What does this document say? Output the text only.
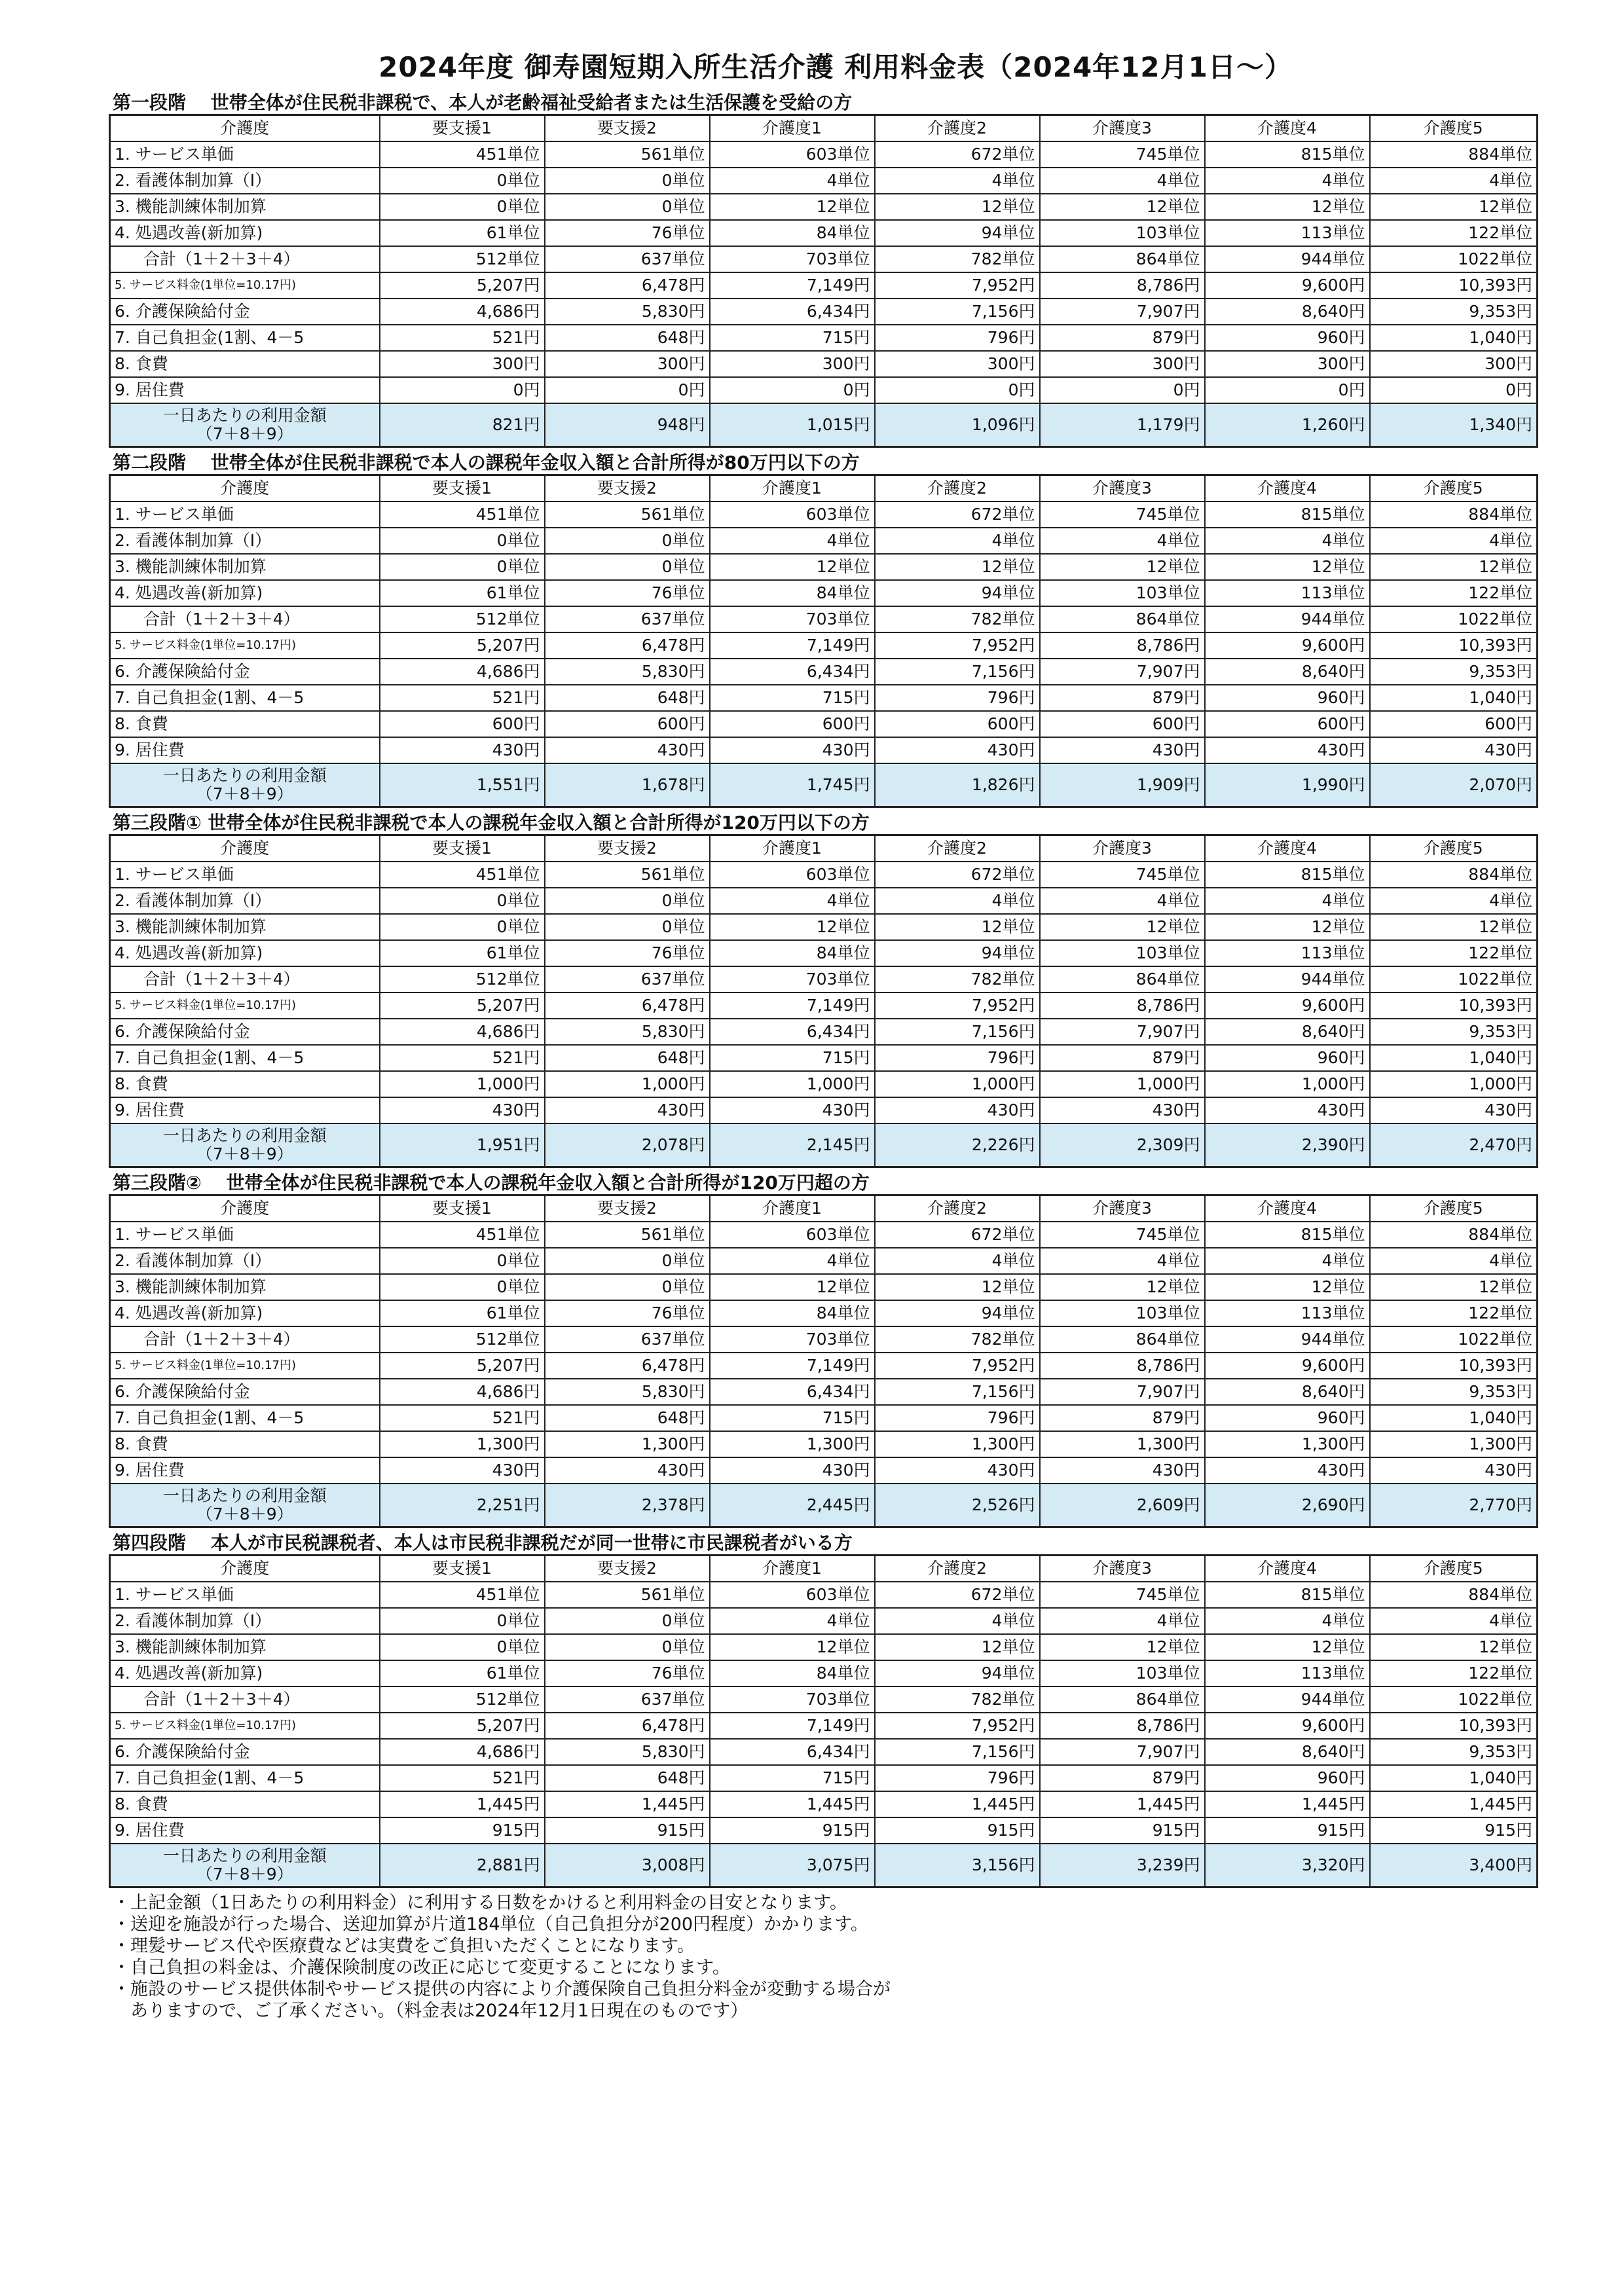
2024年度 御寿園短期入所生活介護 利用料金表（2024年12月1日～）
第一段階　 世帯全体が住民税非課税で、本人が老齢福祉受給者または生活保護を受給の方
介護度	要支援1	要支援2	介護度1	介護度2	介護度3	介護度4	介護度5
1. サービス単価	451単位	561単位	603単位	672単位	745単位	815単位	884単位
2. 看護体制加算（Ⅰ）	0単位	0単位	4単位	4単位	4単位	4単位	4単位
3. 機能訓練体制加算	0単位	0単位	12単位	12単位	12単位	12単位	12単位
4. 処遇改善(新加算)	61単位	76単位	84単位	94単位	103単位	113単位	122単位
合計（1＋2＋3＋4）	512単位	637単位	703単位	782単位	864単位	944単位	1022単位
5. サービス料金(1単位=10.17円)	5,207円	6,478円	7,149円	7,952円	8,786円	9,600円	10,393円
6. 介護保険給付金	4,686円	5,830円	6,434円	7,156円	7,907円	8,640円	9,353円
7. 自己負担金(1割、4－5	521円	648円	715円	796円	879円	960円	1,040円
8. 食費	300円	300円	300円	300円	300円	300円	300円
9. 居住費	0円	0円	0円	0円	0円	0円	0円

一日あたりの利用金額
（7＋8＋9）	821円	948円	1,015円	1,096円	1,179円	1,260円	1,340円
第二段階　 世帯全体が住民税非課税で本人の課税年金収入額と合計所得が80万円以下の方
介護度	要支援1	要支援2	介護度1	介護度2	介護度3	介護度4	介護度5
1. サービス単価	451単位	561単位	603単位	672単位	745単位	815単位	884単位
2. 看護体制加算（Ⅰ）	0単位	0単位	4単位	4単位	4単位	4単位	4単位
3. 機能訓練体制加算	0単位	0単位	12単位	12単位	12単位	12単位	12単位
4. 処遇改善(新加算)	61単位	76単位	84単位	94単位	103単位	113単位	122単位
合計（1＋2＋3＋4）	512単位	637単位	703単位	782単位	864単位	944単位	1022単位
5. サービス料金(1単位=10.17円)	5,207円	6,478円	7,149円	7,952円	8,786円	9,600円	10,393円
6. 介護保険給付金	4,686円	5,830円	6,434円	7,156円	7,907円	8,640円	9,353円
7. 自己負担金(1割、4－5	521円	648円	715円	796円	879円	960円	1,040円
8. 食費	600円	600円	600円	600円	600円	600円	600円
9. 居住費	430円	430円	430円	430円	430円	430円	430円

一日あたりの利用金額
（7＋8＋9）	1,551円	1,678円	1,745円	1,826円	1,909円	1,990円	2,070円
第三段階① 世帯全体が住民税非課税で本人の課税年金収入額と合計所得が120万円以下の方
介護度	要支援1	要支援2	介護度1	介護度2	介護度3	介護度4	介護度5
1. サービス単価	451単位	561単位	603単位	672単位	745単位	815単位	884単位
2. 看護体制加算（Ⅰ）	0単位	0単位	4単位	4単位	4単位	4単位	4単位
3. 機能訓練体制加算	0単位	0単位	12単位	12単位	12単位	12単位	12単位
4. 処遇改善(新加算)	61単位	76単位	84単位	94単位	103単位	113単位	122単位
合計（1＋2＋3＋4）	512単位	637単位	703単位	782単位	864単位	944単位	1022単位
5. サービス料金(1単位=10.17円)	5,207円	6,478円	7,149円	7,952円	8,786円	9,600円	10,393円
6. 介護保険給付金	4,686円	5,830円	6,434円	7,156円	7,907円	8,640円	9,353円
7. 自己負担金(1割、4－5	521円	648円	715円	796円	879円	960円	1,040円
8. 食費	1,000円	1,000円	1,000円	1,000円	1,000円	1,000円	1,000円
9. 居住費	430円	430円	430円	430円	430円	430円	430円

一日あたりの利用金額
（7＋8＋9）	1,951円	2,078円	2,145円	2,226円	2,309円	2,390円	2,470円
第三段階②　 世帯全体が住民税非課税で本人の課税年金収入額と合計所得が120万円超の方
介護度	要支援1	要支援2	介護度1	介護度2	介護度3	介護度4	介護度5
1. サービス単価	451単位	561単位	603単位	672単位	745単位	815単位	884単位
2. 看護体制加算（Ⅰ）	0単位	0単位	4単位	4単位	4単位	4単位	4単位
3. 機能訓練体制加算	0単位	0単位	12単位	12単位	12単位	12単位	12単位
4. 処遇改善(新加算)	61単位	76単位	84単位	94単位	103単位	113単位	122単位
合計（1＋2＋3＋4）	512単位	637単位	703単位	782単位	864単位	944単位	1022単位
5. サービス料金(1単位=10.17円)	5,207円	6,478円	7,149円	7,952円	8,786円	9,600円	10,393円
6. 介護保険給付金	4,686円	5,830円	6,434円	7,156円	7,907円	8,640円	9,353円
7. 自己負担金(1割、4－5	521円	648円	715円	796円	879円	960円	1,040円
8. 食費	1,300円	1,300円	1,300円	1,300円	1,300円	1,300円	1,300円
9. 居住費	430円	430円	430円	430円	430円	430円	430円

一日あたりの利用金額
（7＋8＋9）	2,251円	2,378円	2,445円	2,526円	2,609円	2,690円	2,770円
第四段階　 本人が市民税課税者、本人は市民税非課税だが同一世帯に市民課税者がいる方
介護度	要支援1	要支援2	介護度1	介護度2	介護度3	介護度4	介護度5
1. サービス単価	451単位	561単位	603単位	672単位	745単位	815単位	884単位
2. 看護体制加算（Ⅰ）	0単位	0単位	4単位	4単位	4単位	4単位	4単位
3. 機能訓練体制加算	0単位	0単位	12単位	12単位	12単位	12単位	12単位
4. 処遇改善(新加算)	61単位	76単位	84単位	94単位	103単位	113単位	122単位
合計（1＋2＋3＋4）	512単位	637単位	703単位	782単位	864単位	944単位	1022単位
5. サービス料金(1単位=10.17円)	5,207円	6,478円	7,149円	7,952円	8,786円	9,600円	10,393円
6. 介護保険給付金	4,686円	5,830円	6,434円	7,156円	7,907円	8,640円	9,353円
7. 自己負担金(1割、4－5	521円	648円	715円	796円	879円	960円	1,040円
8. 食費	1,445円	1,445円	1,445円	1,445円	1,445円	1,445円	1,445円
9. 居住費	915円	915円	915円	915円	915円	915円	915円

一日あたりの利用金額
（7＋8＋9）	2,881円	3,008円	3,075円	3,156円	3,239円	3,320円	3,400円
・上記金額（1日あたりの利用料金）に利用する日数をかけると利用料金の目安となります。
・送迎を施設が行った場合、送迎加算が片道184単位（自己負担分が200円程度）かかります。
・理髪サービス代や医療費などは実費をご負担いただくことになります。
・自己負担の料金は、介護保険制度の改正に応じて変更することになります。
・施設のサービス提供体制やサービス提供の内容により介護保険自己負担分料金が変動する場合が
　ありますので、ご了承ください。（料金表は2024年12月1日現在のものです）
